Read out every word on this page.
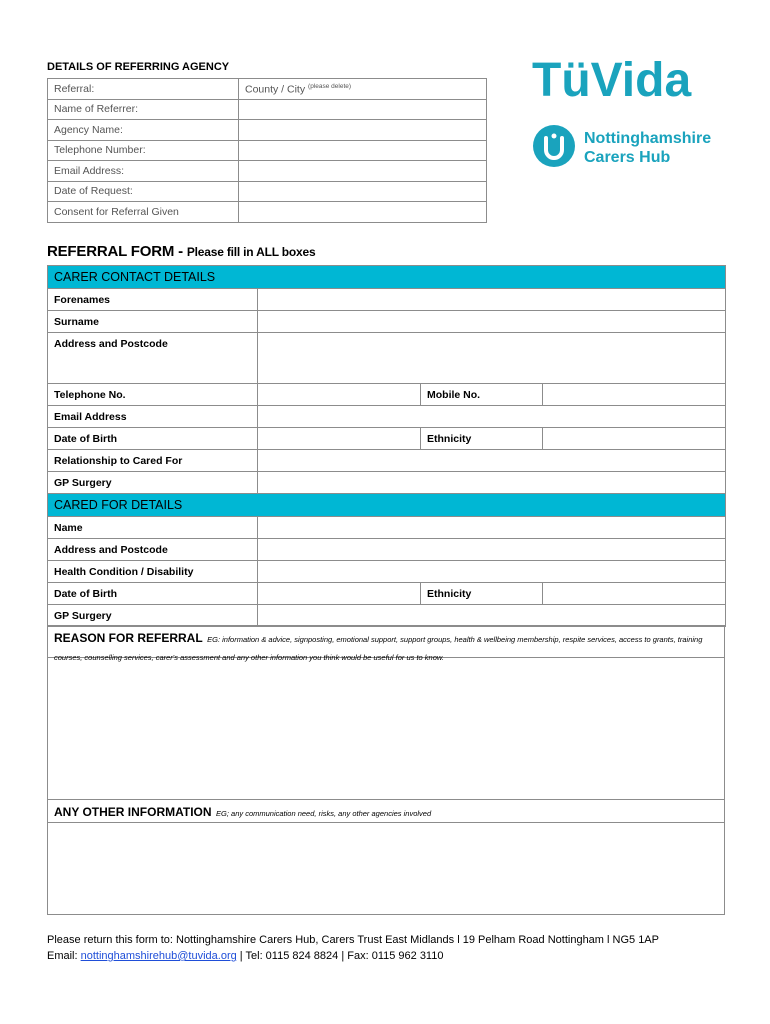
DETAILS OF REFERRING AGENCY
Referral:	County / City $^{(please delete)}$
Name of Referrer:	
Agency Name:	
Telephone Number:	
Email Address:	
Date of Request:	
Consent for Referral Given	
TüVida
Nottinghamshire
Carers Hub
REFERRAL FORM - Please fill in ALL boxes
CARER CONTACT DETAILS			
Forenames			
Surname			
Address and Postcode			
Telephone No.		Mobile No.	
Email Address			
Date of Birth		Ethnicity	
Relationship to Cared For			
GP Surgery			
CARED FOR DETAILS			
Name			
Address and Postcode			
Health Condition / Disability			
Date of Birth		Ethnicity	
GP Surgery			
REASON FOR REFERRAL EG: information & advice, signposting, emotional support, support groups, health & wellbeing membership, respite services, access to grants, training courses, counselling services, carer's assessment and any other information you think would be useful for us to know.
ANY OTHER INFORMATION EG; any communication need, risks, any other agencies involved
Please return this form to: Nottinghamshire Carers Hub, Carers Trust East Midlands l 19 Pelham Road Nottingham l NG5 1AP
Email: nottinghamshirehub@tuvida.org | Tel: 0115 824 8824 | Fax: 0115 962 3110
